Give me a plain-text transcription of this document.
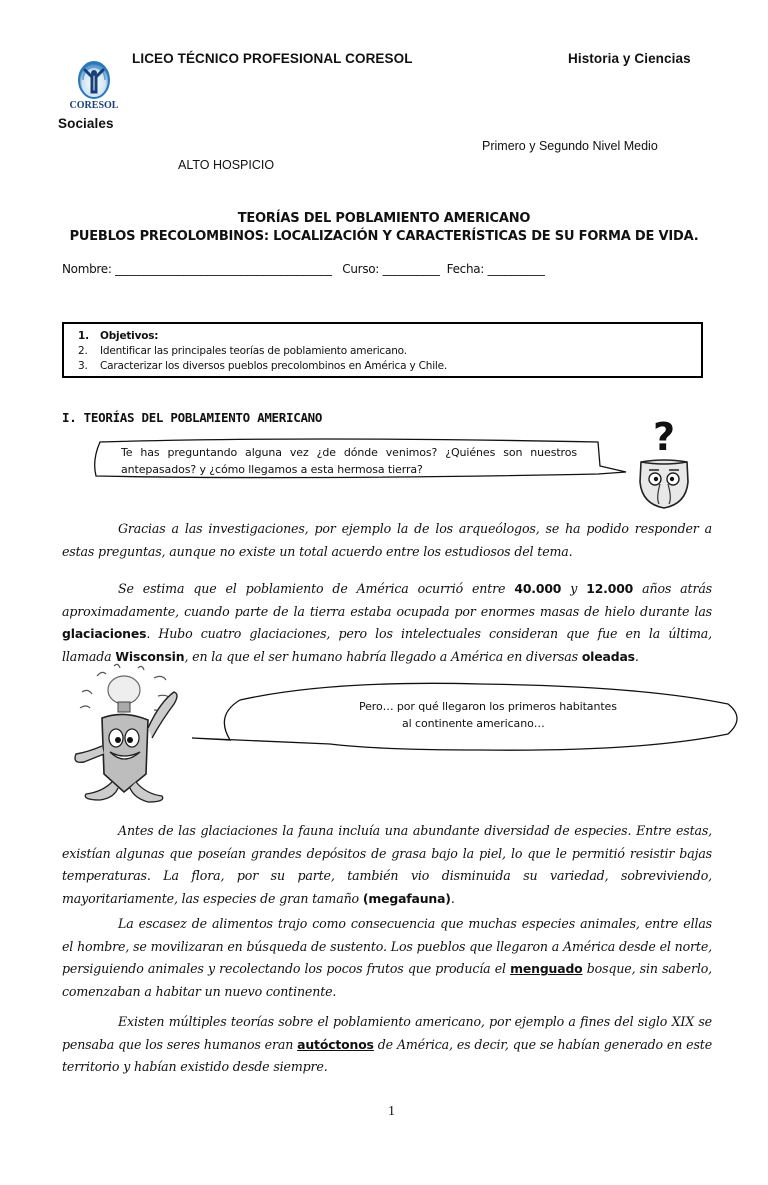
LICEO TÉCNICO PROFESIONAL CORESOL	Historia y Ciencias
CORESOL
Sociales
Primero y Segundo Nivel Medio
ALTO HOSPICIO
TEORÍAS DEL POBLAMIENTO AMERICANO
PUEBLOS PRECOLOMBINOS: LOCALIZACIÓN Y CARACTERÍSTICAS DE SU FORMA DE VIDA.
Nombre: ______________________________________ Curso: __________ Fecha: __________
1. Objetivos:
2. Identificar las principales teorías de poblamiento americano.
3. Caracterizar los diversos pueblos precolombinos en América y Chile.
I. TEORÍAS DEL POBLAMIENTO AMERICANO
Te has preguntando alguna vez ¿de dónde venimos? ¿Quiénes son nuestros
antepasados? y ¿cómo llegamos a esta hermosa tierra?
?

Gracias a las investigaciones, por ejemplo la de los arqueólogos, se ha podido responder a estas preguntas, aunque no existe un total acuerdo entre los estudiosos del tema.

Se estima que el poblamiento de América ocurrió entre 40.000 y 12.000 años atrás aproximadamente, cuando parte de la tierra estaba ocupada por enormes masas de hielo durante las glaciaciones. Hubo cuatro glaciaciones, pero los intelectuales consideran que fue en la última, llamada Wisconsin, en la que el ser humano habría llegado a América en diversas oleadas.

Pero… por qué llegaron los primeros habitantes
al continente americano…

Antes de las glaciaciones la fauna incluía una abundante diversidad de especies. Entre estas, existían algunas que poseían grandes depósitos de grasa bajo la piel, lo que le permitió resistir bajas temperaturas. La flora, por su parte, también vio disminuida su variedad, sobreviviendo, mayoritariamente, las especies de gran tamaño (megafauna).

La escasez de alimentos trajo como consecuencia que muchas especies animales, entre ellas el hombre, se movilizaran en búsqueda de sustento. Los pueblos que llegaron a América desde el norte, persiguiendo animales y recolectando los pocos frutos que producía el menguado bosque, sin saberlo, comenzaban a habitar un nuevo continente.

Existen múltiples teorías sobre el poblamiento americano, por ejemplo a fines del siglo XIX se pensaba que los seres humanos eran autóctonos de América, es decir, que se habían generado en este territorio y habían existido desde siempre.

1
